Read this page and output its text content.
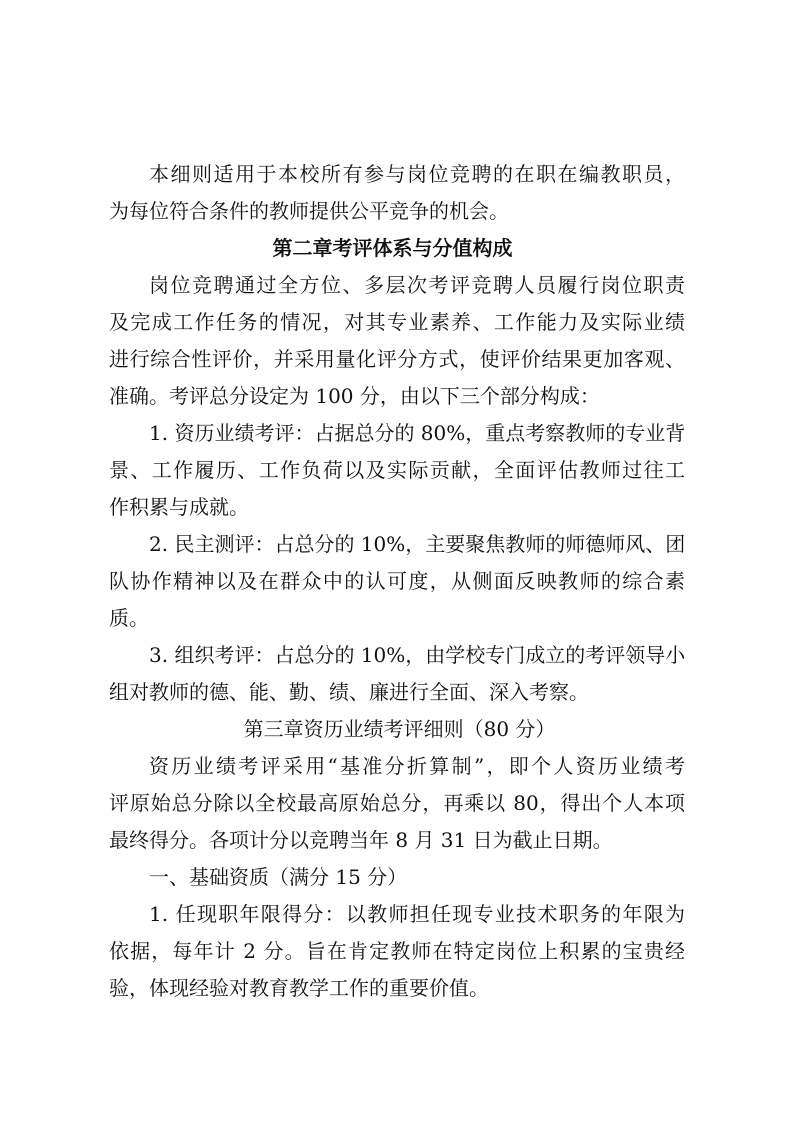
本细则适用于本校所有参与岗位竞聘的在职在编教职员，
为每位符合条件的教师提供公平竞争的机会。
第二章考评体系与分值构成
岗位竞聘通过全方位、多层次考评竞聘人员履行岗位职责
及完成工作任务的情况，对其专业素养、工作能力及实际业绩
进行综合性评价，并采用量化评分方式，使评价结果更加客观、
准确。考评总分设定为 100 分，由以下三个部分构成：
1. 资历业绩考评：占据总分的 80%，重点考察教师的专业背
景、工作履历、工作负荷以及实际贡献，全面评估教师过往工
作积累与成就。
2. 民主测评：占总分的 10%，主要聚焦教师的师德师风、团
队协作精神以及在群众中的认可度，从侧面反映教师的综合素
质。
3. 组织考评：占总分的 10%，由学校专门成立的考评领导小
组对教师的德、能、勤、绩、廉进行全面、深入考察。
第三章资历业绩考评细则（80 分）
资历业绩考评采用“基准分折算制”，即个人资历业绩考
评原始总分除以全校最高原始总分，再乘以 80，得出个人本项
最终得分。各项计分以竞聘当年 8 月 31 日为截止日期。
一、基础资质（满分 15 分）
1. 任现职年限得分：以教师担任现专业技术职务的年限为
依据，每年计 2 分。旨在肯定教师在特定岗位上积累的宝贵经
验，体现经验对教育教学工作的重要价值。
